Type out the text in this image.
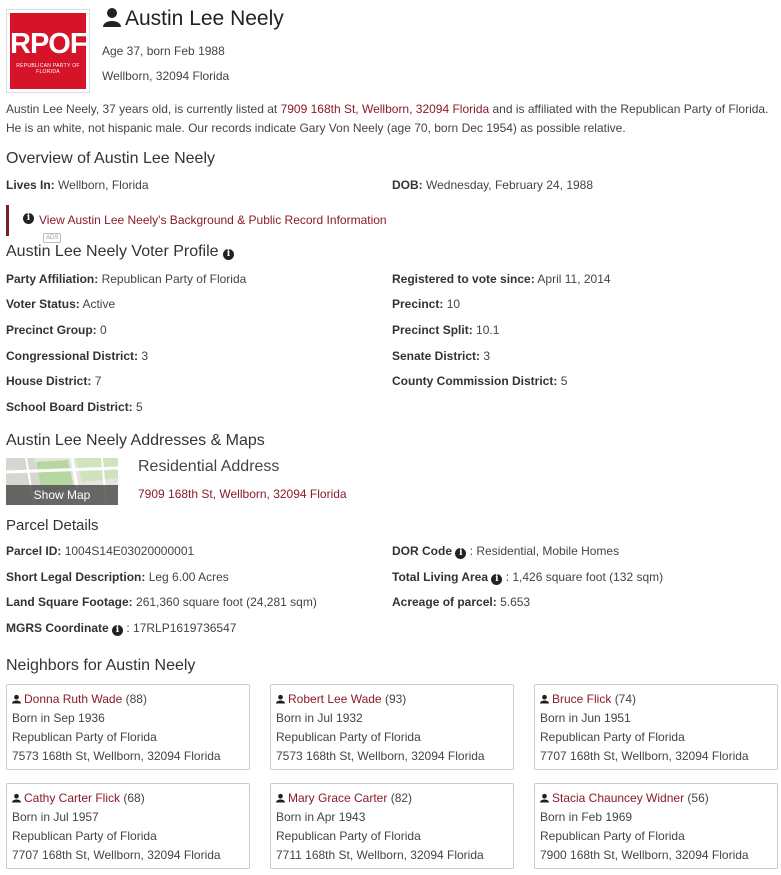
RPOF
REPUBLICAN PARTY OF FLORIDA
Austin Lee Neely
Age 37, born Feb 1988
Wellborn, 32094 Florida
Austin Lee Neely, 37 years old, is currently listed at 7909 168th St, Wellborn, 32094 Florida and is affiliated with the Republican Party of Florida. He is an white, not hispanic male. Our records indicate Gary Von Neely (age 70, born Dec 1954) as possible relative.
Overview of Austin Lee Neely
Lives In: Wellborn, Florida	DOB: Wednesday, February 24, 1988
i View Austin Lee Neely's Background & Public Record InformationADS
Austin Lee Neely Voter Profile i
Party Affiliation: Republican Party of Florida	Registered to vote since: April 11, 2014
Voter Status: Active	Precinct: 10
Precinct Group: 0	Precinct Split: 10.1
Congressional District: 3	Senate District: 3
House District: 7	County Commission District: 5
School Board District: 5
Austin Lee Neely Addresses & Maps
Show Map
Residential Address
7909 168th St, Wellborn, 32094 Florida
Parcel Details
Parcel ID: 1004S14E03020000001	DOR Code i : Residential, Mobile Homes
Short Legal Description: Leg 6.00 Acres	Total Living Area i : 1,426 square foot (132 sqm)
Land Square Footage: 261,360 square foot (24,281 sqm)	Acreage of parcel: 5.653
MGRS Coordinate i : 17RLP1619736547
Neighbors for Austin Neely
Donna Ruth Wade (88)
Born in Sep 1936
Republican Party of Florida
7573 168th St, Wellborn, 32094 Florida
Robert Lee Wade (93)
Born in Jul 1932
Republican Party of Florida
7573 168th St, Wellborn, 32094 Florida
Bruce Flick (74)
Born in Jun 1951
Republican Party of Florida
7707 168th St, Wellborn, 32094 Florida
Cathy Carter Flick (68)
Born in Jul 1957
Republican Party of Florida
7707 168th St, Wellborn, 32094 Florida
Mary Grace Carter (82)
Born in Apr 1943
Republican Party of Florida
7711 168th St, Wellborn, 32094 Florida
Stacia Chauncey Widner (56)
Born in Feb 1969
Republican Party of Florida
7900 168th St, Wellborn, 32094 Florida
